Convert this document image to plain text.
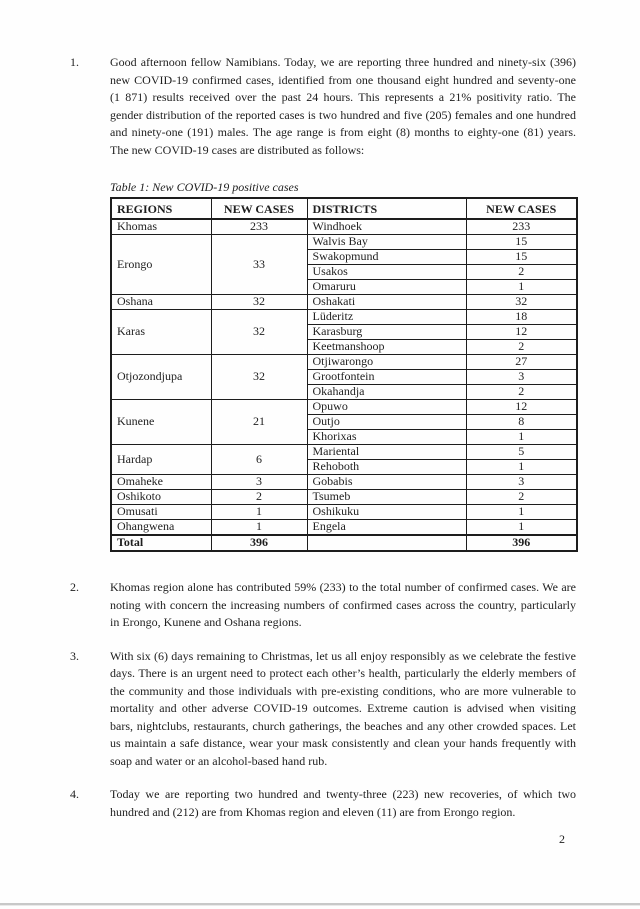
1.	Good afternoon fellow Namibians. Today, we are reporting three hundred and ninety-six (396) new COVID-19 confirmed cases, identified from one thousand eight hundred and seventy-one (1 871) results received over the past 24 hours. This represents a 21% positivity ratio. The gender distribution of the reported cases is two hundred and five (205) females and one hundred and ninety-one (191) males. The age range is from eight (8) months to eighty-one (81) years. The new COVID-19 cases are distributed as follows:
Table 1: New COVID-19 positive cases
REGIONS	NEW CASES	DISTRICTS	NEW CASES
Khomas	233	Windhoek	233
Erongo	33	Walvis Bay	15
		Swakopmund	15
		Usakos	2
		Omaruru	1
Oshana	32	Oshakati	32
Karas	32	Lüderitz	18
		Karasburg	12
		Keetmanshoop	2
Otjozondjupa	32	Otjiwarongo	27
		Grootfontein	3
		Okahandja	2
Kunene	21	Opuwo	12
		Outjo	8
		Khorixas	1
Hardap	6	Mariental	5
		Rehoboth	1
Omaheke	3	Gobabis	3
Oshikoto	2	Tsumeb	2
Omusati	1	Oshikuku	1
Ohangwena	1	Engela	1
Total	396		396
2.	Khomas region alone has contributed 59% (233) to the total number of confirmed cases. We are noting with concern the increasing numbers of confirmed cases across the country, particularly in Erongo, Kunene and Oshana regions.
3.	With six (6) days remaining to Christmas, let us all enjoy responsibly as we celebrate the festive days. There is an urgent need to protect each other’s health, particularly the elderly members of the community and those individuals with pre-existing conditions, who are more vulnerable to mortality and other adverse COVID-19 outcomes. Extreme caution is advised when visiting bars, nightclubs, restaurants, church gatherings, the beaches and any other crowded spaces. Let us maintain a safe distance, wear your mask consistently and clean your hands frequently with soap and water or an alcohol-based hand rub.
4.	Today we are reporting two hundred and twenty-three (223) new recoveries, of which two hundred and (212) are from Khomas region and eleven (11) are from Erongo region.
2
